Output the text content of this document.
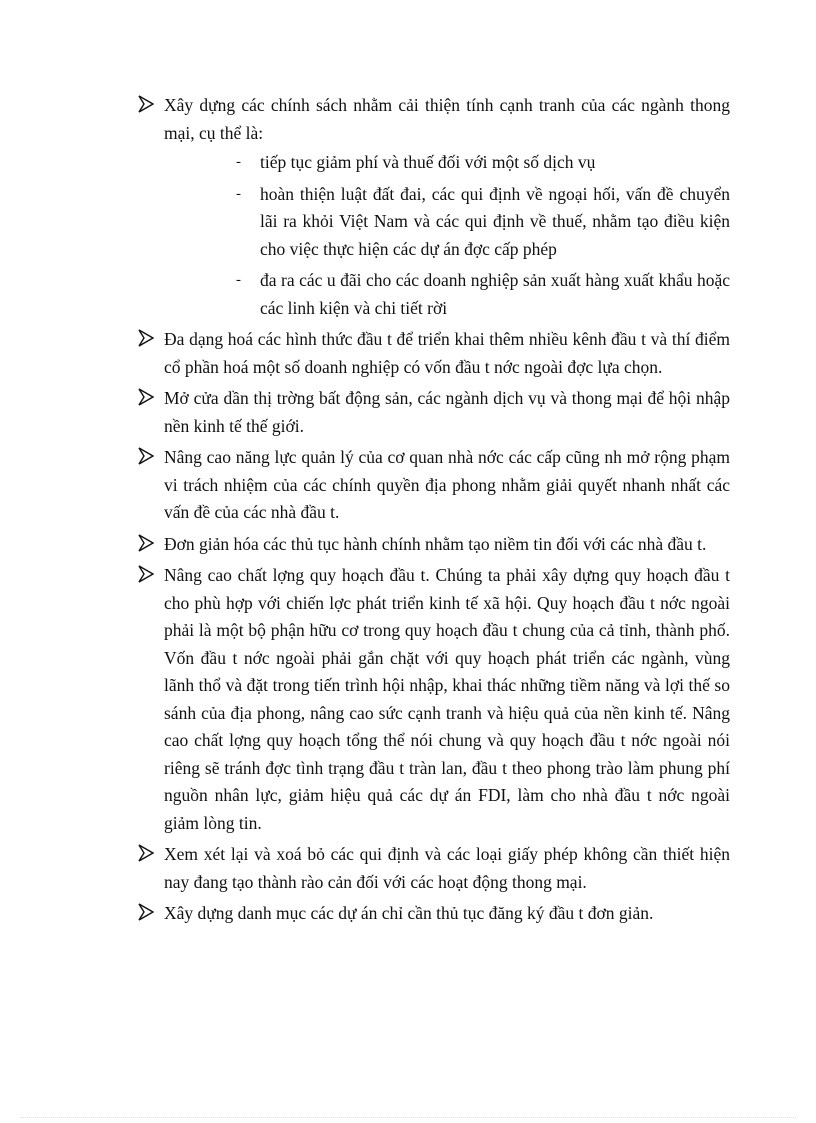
Xây dựng các chính sách nhằm cải thiện tính cạnh tranh của các ngành thong mại, cụ thể là:
- tiếp tục giảm phí và thuế đối với một số dịch vụ
- hoàn thiện luật đất đai, các qui định về ngoại hối, vấn đề chuyển lãi ra khỏi Việt Nam và các qui định về thuế, nhằm tạo điều kiện cho việc thực hiện các dự án đợc cấp phép
- đa ra các u đãi cho các doanh nghiệp sản xuất hàng xuất khẩu hoặc các linh kiện và chi tiết rời
Đa dạng hoá các hình thức đầu t để triển khai thêm nhiều kênh đầu t và thí điểm cổ phần hoá một số doanh nghiệp có vốn đầu t nớc ngoài đợc lựa chọn.
Mở cửa dần thị trờng bất động sản, các ngành dịch vụ và thong mại để hội nhập nền kinh tế thế giới.
Nâng cao năng lực quản lý của cơ quan nhà nớc các cấp cũng nh mở rộng phạm vi trách nhiệm của các chính quyền địa phong nhằm giải quyết nhanh nhất các vấn đề của các nhà đầu t.
Đơn giản hóa các thủ tục hành chính nhằm tạo niềm tin đối với các nhà đầu t.
Nâng cao chất lợng quy hoạch đầu t. Chúng ta phải xây dựng quy hoạch đầu t cho phù hợp với chiến lợc phát triển kinh tế xã hội. Quy hoạch đầu t nớc ngoài phải là một bộ phận hữu cơ trong quy hoạch đầu t chung của cả tỉnh, thành phố. Vốn đầu t nớc ngoài phải gắn chặt với quy hoạch phát triển các ngành, vùng lãnh thổ và đặt trong tiến trình hội nhập, khai thác những tiềm năng và lợi thế so sánh của địa phong, nâng cao sức cạnh tranh và hiệu quả của nền kinh tế. Nâng cao chất lợng quy hoạch tổng thể nói chung và quy hoạch đầu t nớc ngoài nói riêng sẽ tránh đợc tình trạng đầu t tràn lan, đầu t theo phong trào làm phung phí nguồn nhân lực, giảm hiệu quả các dự án FDI, làm cho nhà đầu t nớc ngoài giảm lòng tin.
Xem xét lại và xoá bỏ các qui định và các loại giấy phép không cần thiết hiện nay đang tạo thành rào cản đối với các hoạt động thong mại.
Xây dựng danh mục các dự án chỉ cần thủ tục đăng ký đầu t đơn giản.
